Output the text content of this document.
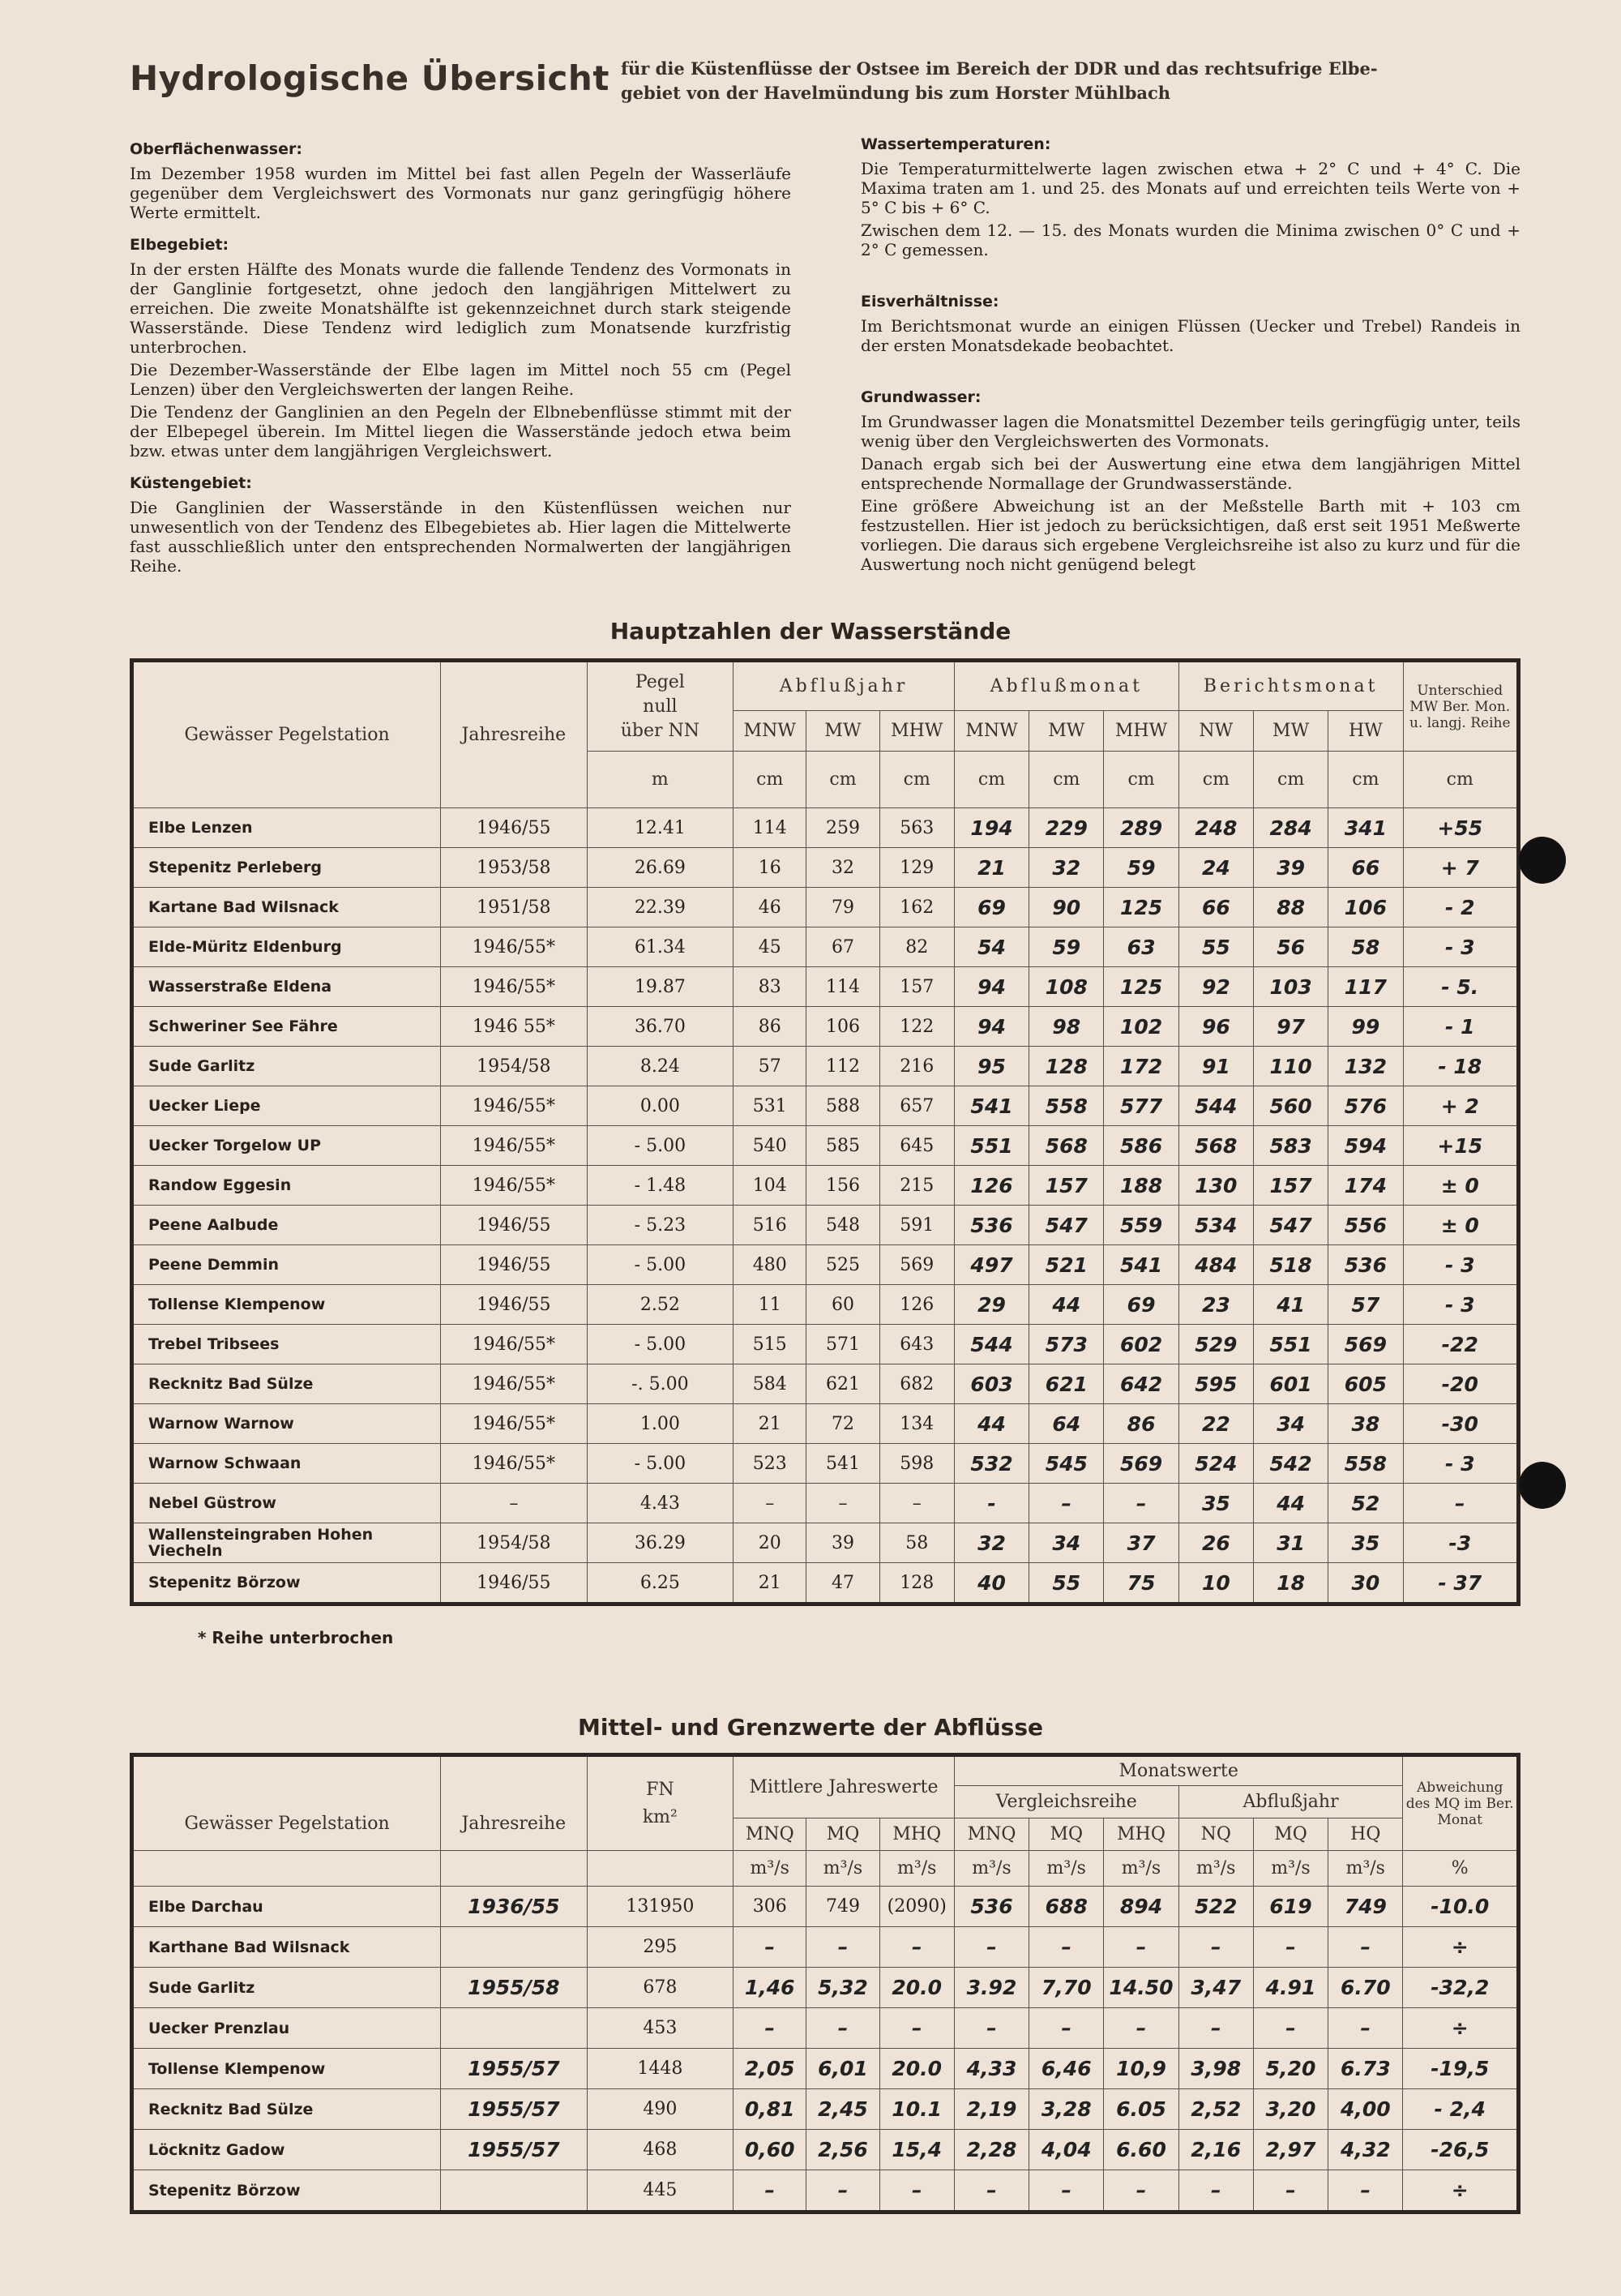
Hydrologische Übersicht für die Küstenflüsse der Ostsee im Bereich der DDR und das rechtsufrige Elbe-
gebiet von der Havelmündung bis zum Horster Mühlbach
Oberflächenwasser:

Im Dezember 1958 wurden im Mittel bei fast allen Pegeln der Wasserläufe gegenüber dem Vergleichswert des Vormonats nur ganz geringfügig höhere Werte ermittelt.

Elbegebiet:

In der ersten Hälfte des Monats wurde die fallende Tendenz des Vormonats in der Ganglinie fortgesetzt, ohne jedoch den langjährigen Mittelwert zu erreichen. Die zweite Monatshälfte ist gekennzeichnet durch stark steigende Wasserstände. Diese Tendenz wird lediglich zum Monatsende kurzfristig unterbrochen.

Die Dezember-Wasserstände der Elbe lagen im Mittel noch 55 cm (Pegel Lenzen) über den Vergleichswerten der langen Reihe.

Die Tendenz der Ganglinien an den Pegeln der Elbnebenflüsse stimmt mit der der Elbepegel überein. Im Mittel liegen die Wasserstände jedoch etwa beim bzw. etwas unter dem langjährigen Vergleichswert.

Küstengebiet:

Die Ganglinien der Wasserstände in den Küstenflüssen weichen nur unwesentlich von der Tendenz des Elbegebietes ab. Hier lagen die Mittelwerte fast ausschließlich unter den entsprechenden Normalwerten der langjährigen Reihe.

Wassertemperaturen:

Die Temperaturmittelwerte lagen zwischen etwa + 2° C und + 4° C. Die Maxima traten am 1. und 25. des Monats auf und erreichten teils Werte von + 5° C bis + 6° C.

Zwischen dem 12. — 15. des Monats wurden die Minima zwischen 0° C und + 2° C gemessen.

Eisverhältnisse:

Im Berichtsmonat wurde an einigen Flüssen (Uecker und Trebel) Randeis in der ersten Monatsdekade beobachtet.

Grundwasser:

Im Grundwasser lagen die Monatsmittel Dezember teils geringfügig unter, teils wenig über den Vergleichswerten des Vormonats.

Danach ergab sich bei der Auswertung eine etwa dem langjährigen Mittel entsprechende Normallage der Grundwasserstände.

Eine größere Abweichung ist an der Meßstelle Barth mit + 103 cm festzustellen. Hier ist jedoch zu berücksichtigen, daß erst seit 1951 Meßwerte vorliegen. Die daraus sich ergebene Vergleichsreihe ist also zu kurz und für die Auswertung noch nicht genügend belegt

Hauptzahlen der Wasserstände
Gewässer Pegelstation	Jahresreihe	Pegel
null
über NN	Abflußjahr			Abflußmonat			Berichtsmonat			Unterschied MW Ber. Mon. u. langj. Reihe
			MNW	MW	MHW	MNW	MW	MHW	NW	MW	HW	
		m	cm	cm	cm	cm	cm	cm	cm	cm	cm	cm
Elbe Lenzen	1946/55	12.41	114	259	563	194	229	289	248	284	341	+55
Stepenitz Perleberg	1953/58	26.69	16	32	129	21	32	59	24	39	66	+ 7
Kartane Bad Wilsnack	1951/58	22.39	46	79	162	69	90	125	66	88	106	- 2
Elde-Müritz Eldenburg	1946/55*	61.34	45	67	82	54	59	63	55	56	58	- 3
Wasserstraße Eldena	1946/55*	19.87	83	114	157	94	108	125	92	103	117	- 5.
Schweriner See Fähre	1946 55*	36.70	86	106	122	94	98	102	96	97	99	- 1
Sude Garlitz	1954/58	8.24	57	112	216	95	128	172	91	110	132	- 18
Uecker Liepe	1946/55*	0.00	531	588	657	541	558	577	544	560	576	+ 2
Uecker Torgelow UP	1946/55*	- 5.00	540	585	645	551	568	586	568	583	594	+15
Randow Eggesin	1946/55*	- 1.48	104	156	215	126	157	188	130	157	174	± 0
Peene Aalbude	1946/55	- 5.23	516	548	591	536	547	559	534	547	556	± 0
Peene Demmin	1946/55	- 5.00	480	525	569	497	521	541	484	518	536	- 3
Tollense Klempenow	1946/55	2.52	11	60	126	29	44	69	23	41	57	- 3
Trebel Tribsees	1946/55*	- 5.00	515	571	643	544	573	602	529	551	569	-22
Recknitz Bad Sülze	1946/55*	-. 5.00	584	621	682	603	621	642	595	601	605	-20
Warnow Warnow	1946/55*	1.00	21	72	134	44	64	86	22	34	38	-30
Warnow Schwaan	1946/55*	- 5.00	523	541	598	532	545	569	524	542	558	- 3
Nebel Güstrow	–	4.43	–	–	–	-	–	–	35	44	52	–
Wallensteingraben Hohen Viecheln	1954/58	36.29	20	39	58	32	34	37	26	31	35	-3
Stepenitz Börzow	1946/55	6.25	21	47	128	40	55	75	10	18	30	- 37
* Reihe unterbrochen
Mittel- und Grenzwerte der Abflüsse
Gewässer Pegelstation	Jahresreihe	FN
km²	Mittlere Jahreswerte			Monatswerte						Abweichung des MQ im Ber. Monat
						Vergleichsreihe			Abflußjahr			
			MNQ	MQ	MHQ	MNQ	MQ	MHQ	NQ	MQ	HQ	
			m³/s	m³/s	m³/s	m³/s	m³/s	m³/s	m³/s	m³/s	m³/s	%
Elbe Darchau	1936/55	131950	306	749	(2090)	536	688	894	522	619	749	-10.0
Karthane Bad Wilsnack		295	–	–	–	–	–	–	–	–	–	÷
Sude Garlitz	1955/58	678	1,46	5,32	20.0	3.92	7,70	14.50	3,47	4.91	6.70	-32,2
Uecker Prenzlau		453	–	–	–	–	–	–	–	–	–	÷
Tollense Klempenow	1955/57	1448	2,05	6,01	20.0	4,33	6,46	10,9	3,98	5,20	6.73	-19,5
Recknitz Bad Sülze	1955/57	490	0,81	2,45	10.1	2,19	3,28	6.05	2,52	3,20	4,00	- 2,4
Löcknitz Gadow	1955/57	468	0,60	2,56	15,4	2,28	4,04	6.60	2,16	2,97	4,32	-26,5
Stepenitz Börzow		445	–	–	–	–	–	–	–	–	–	÷
